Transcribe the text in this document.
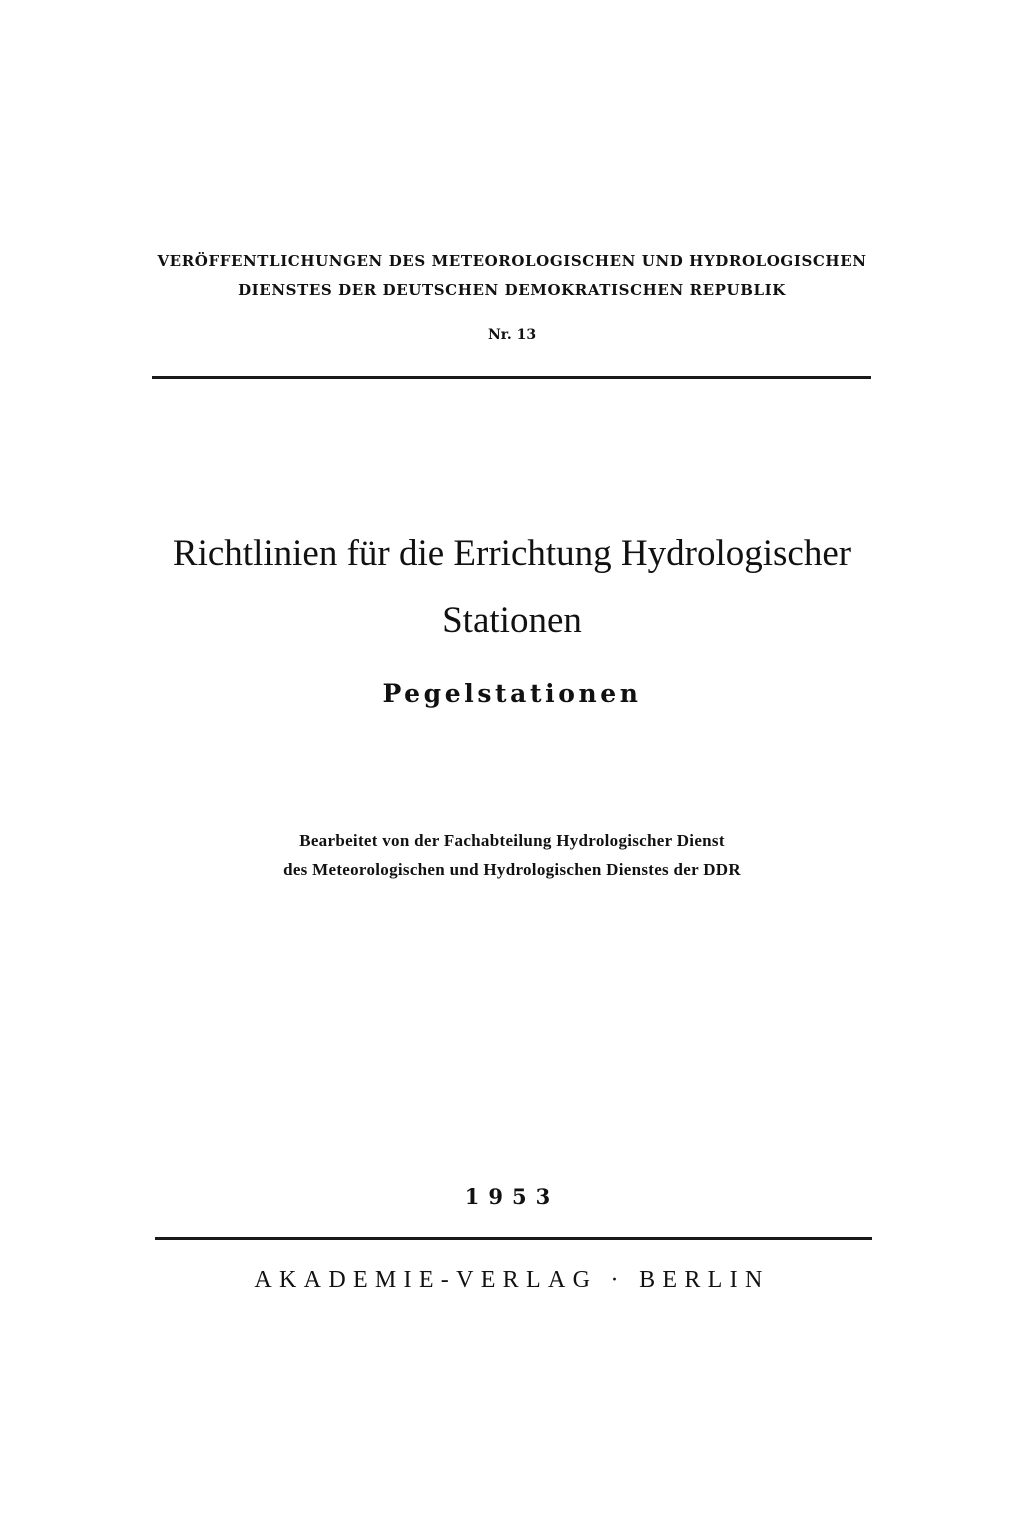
VERÖFFENTLICHUNGEN DES METEOROLOGISCHEN UND HYDROLOGISCHEN
DIENSTES DER DEUTSCHEN DEMOKRATISCHEN REPUBLIK
Nr. 13
Richtlinien für die Errichtung Hydrologischer
Stationen
Pegelstationen
Bearbeitet von der Fachabteilung Hydrologischer Dienst
des Meteorologischen und Hydrologischen Dienstes der DDR
1953
AKADEMIE-VERLAG · BERLIN
